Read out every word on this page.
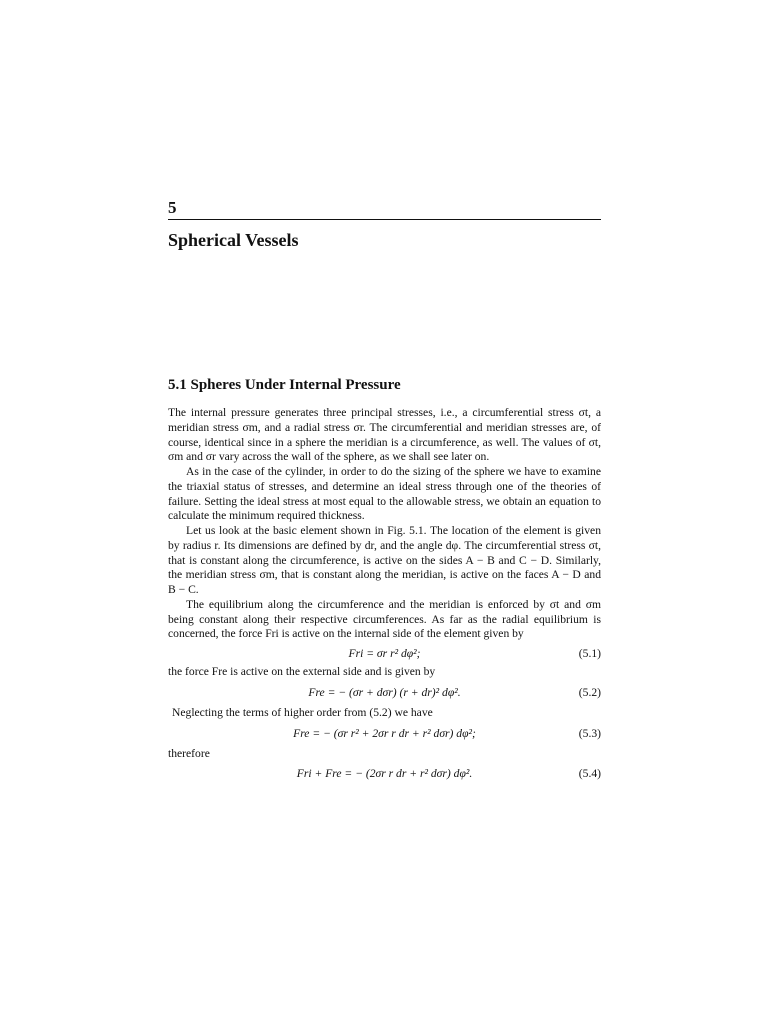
5
Spherical Vessels
5.1 Spheres Under Internal Pressure

The internal pressure generates three principal stresses, i.e., a circumferential stress σt, a meridian stress σm, and a radial stress σr. The circumferential and meridian stresses are, of course, identical since in a sphere the meridian is a circumference, as well. The values of σt, σm and σr vary across the wall of the sphere, as we shall see later on.

As in the case of the cylinder, in order to do the sizing of the sphere we have to examine the triaxial status of stresses, and determine an ideal stress through one of the theories of failure. Setting the ideal stress at most equal to the allowable stress, we obtain an equation to calculate the minimum required thickness.

Let us look at the basic element shown in Fig. 5.1. The location of the element is given by radius r. Its dimensions are defined by dr, and the angle dφ. The circumferential stress σt, that is constant along the circumference, is active on the sides A − B and C − D. Similarly, the meridian stress σm, that is constant along the meridian, is active on the faces A − D and B − C.

The equilibrium along the circumference and the meridian is enforced by σt and σm being constant along their respective circumferences. As far as the radial equilibrium is concerned, the force Fri is active on the internal side of the element given by

Fri = σr r² dφ²;	(5.1)

the force Fre is active on the external side and is given by

Fre = − (σr + dσr) (r + dr)² dφ².	(5.2)

Neglecting the terms of higher order from (5.2) we have

Fre = − (σr r² + 2σr r dr + r² dσr) dφ²;	(5.3)

therefore

Fri + Fre = − (2σr r dr + r² dσr) dφ².	(5.4)
